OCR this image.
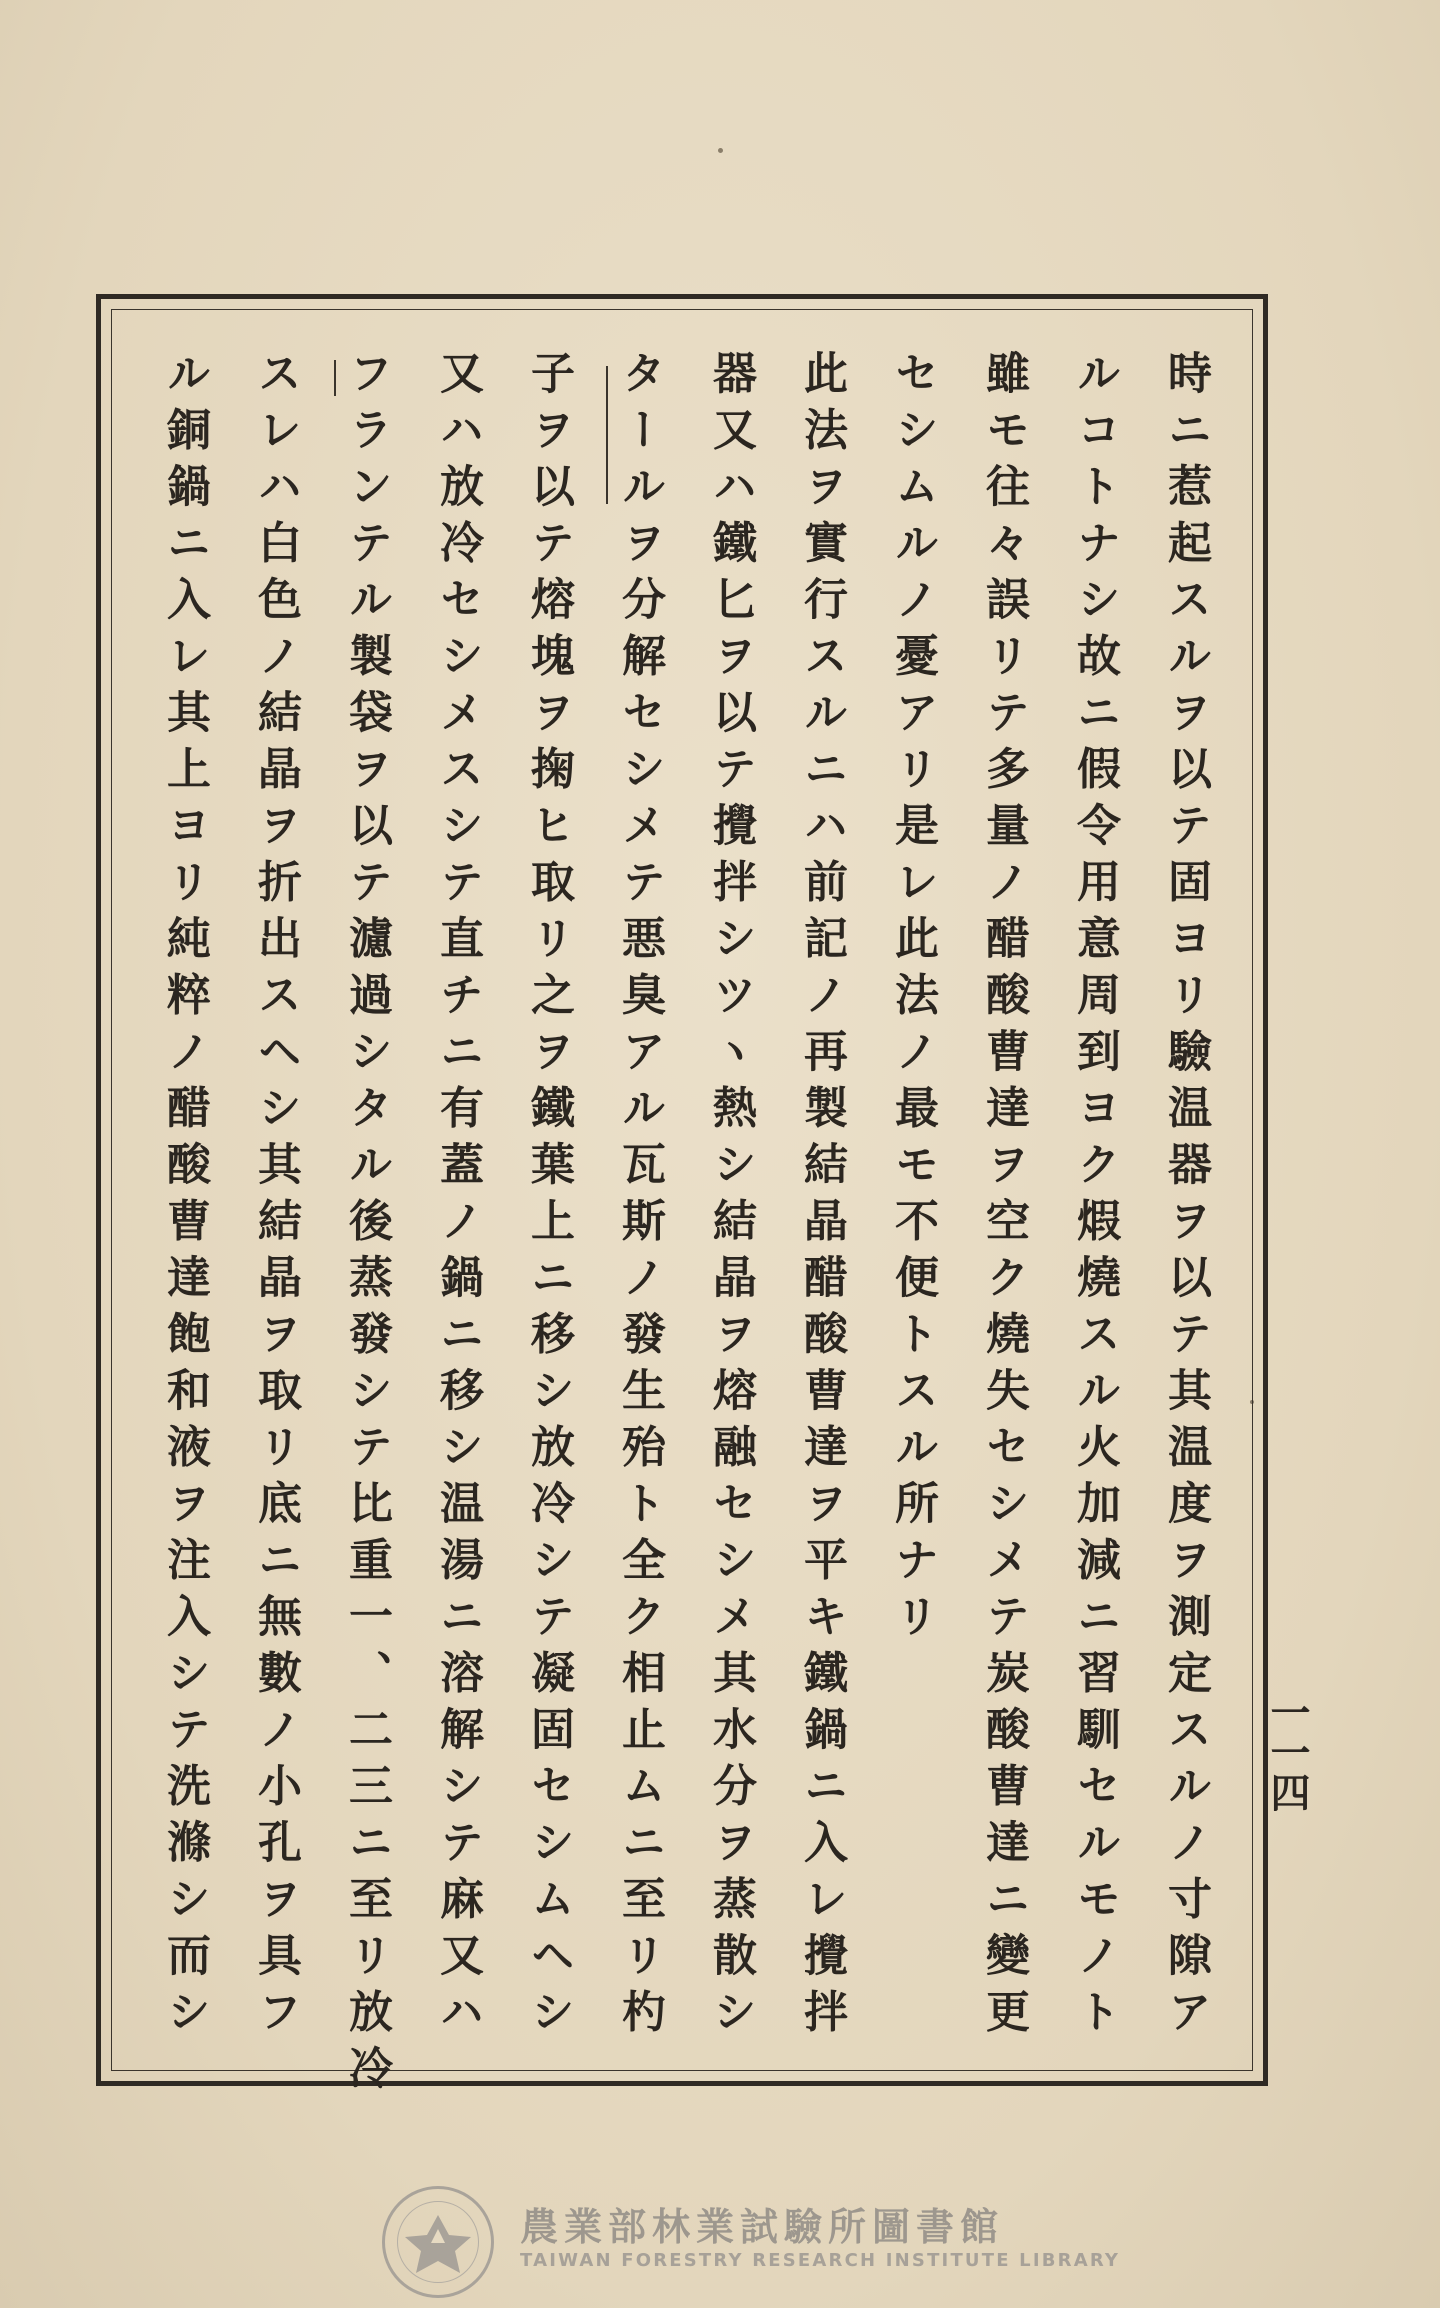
時ニ惹起スルヲ以テ固ヨリ驗温器ヲ以テ其温度ヲ測定スルノ寸隙ア
ルコトナシ故ニ假令用意周到ヨク煆燒スル火加減ニ習馴セルモノト
雖モ往々誤リテ多量ノ醋酸曹達ヲ空ク燒失セシメテ炭酸曹達ニ變更
セシムルノ憂アリ是レ此法ノ最モ不便トスル所ナリ
此法ヲ實行スルニハ前記ノ再製結晶醋酸曹達ヲ平キ鐵鍋ニ入レ攪拌
器又ハ鐵匕ヲ以テ攪拌シツヽ熱シ結晶ヲ熔融セシメ其水分ヲ蒸散シ
タールヲ分解セシメテ悪臭アル瓦斯ノ發生殆ト全ク相止ムニ至リ杓
子ヲ以テ熔塊ヲ掬ヒ取リ之ヲ鐵葉上ニ移シ放冷シテ凝固セシムヘシ
又ハ放冷セシメスシテ直チニ有蓋ノ鍋ニ移シ温湯ニ溶解シテ麻又ハ
フランテル製袋ヲ以テ濾過シタル後蒸發シテ比重一、二三ニ至リ放冷
スレハ白色ノ結晶ヲ折出スヘシ其結晶ヲ取リ底ニ無數ノ小孔ヲ具フ
ル銅鍋ニ入レ其上ヨリ純粹ノ醋酸曹達飽和液ヲ注入シテ洗滌シ而シ	一一四
農業部林業試驗所圖書館
TAIWAN FORESTRY RESEARCH INSTITUTE LIBRARY
